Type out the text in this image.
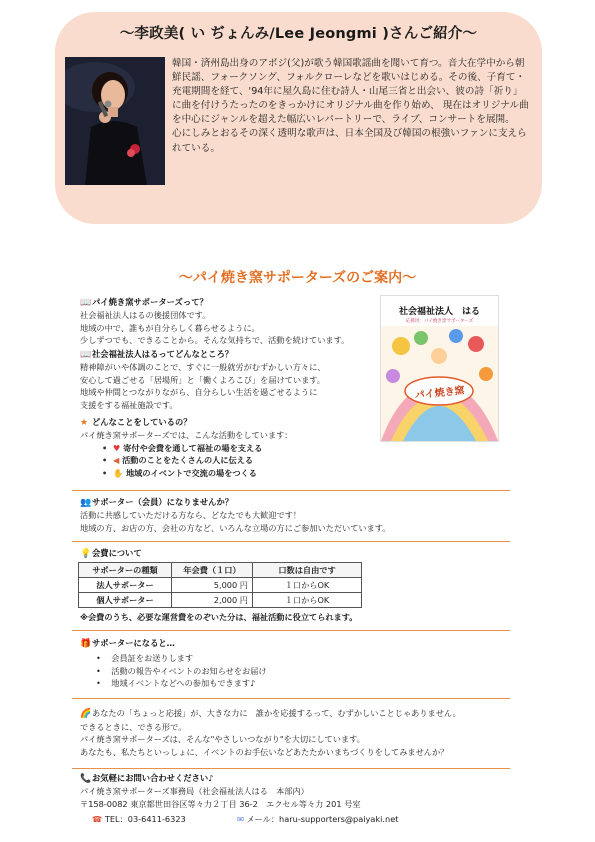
～李政美( い ぢょんみ/Lee Jeongmi )さんご紹介～

韓国・済州島出身のアボジ(父)が歌う韓国歌謡曲を聞いて育つ。音大在学中から朝鮮民謡、フォークソング、フォルクローレなどを歌いはじめる。その後、子育て・充電期間を経て、'94年に屋久島に住む詩人・山尾三省と出会い、彼の詩「祈り」に曲を付けうたったのをきっかけにオリジナル曲を作り始め、 現在はオリジナル曲を中心にジャンルを超えた幅広いレパートリーで、ライブ、コンサートを展開。

心にしみとおるその深く透明な歌声は、日本全国及び韓国の根強いファンに支えられている。

～パイ焼き窯サポーターズのご案内～
📖パイ焼き窯サポーターズって？
社会福祉法人はるの後援団体です。
地域の中で、誰もが自分らしく暮らせるように。
少しずつでも、できることから。そんな気持ちで、活動を続けています。
📖社会福祉法人はるってどんなところ？
精神障がいや体調のことで、すぐに一般就労がむずかしい方々に、
安心して過ごせる「居場所」と「働くよろこび」を届けています。
地域や仲間とつながりながら、自分らしい生活を過ごせるように
支援をする福祉施設です。
★ どんなことをしているの？
パイ焼き窯サポーターズでは、こんな活動をしています：
•  ♥ 寄付や会費を通して福祉の場を支える
•  ◀ 活動のことをたくさんの人に伝える
•  ✋ 地域のイベントで交流の場をつくる
社会福祉法人　はる
応援団：パイ焼き窯サポーターズ
パイ焼き窯
👥サポーター（会員）になりませんか？
活動に共感していただける方なら、どなたでも大歓迎です！
地域の方、お店の方、会社の方など、いろんな立場の方にご参加いただいています。
💡会費について
サポーターの種類	年会費（１口）	口数は自由です
法人サポーター	5,000 円	１口からOK
個人サポーター	2,000 円	１口からOK
※会費のうち、必要な運営費をのぞいた分は、福祉活動に役立てられます。
🎁サポーターになると…
•    会員証をお送りします
•    活動の報告やイベントのお知らせをお届け
•    地域イベントなどへの参加もできます♪
🌈あなたの「ちょっと応援」が、大きな力に　誰かを応援するって、むずかしいことじゃありません。
できるときに、できる形で。
パイ焼き窯サポーターズは、そんな"やさしいつながり"を大切にしています。
あなたも、私たちといっしょに、イベントのお手伝いなどあたたかいまちづくりをしてみませんか？
📞お気軽にお問い合わせください♪
パイ焼き窯サポーターズ事務局（社会福祉法人はる　本部内）
〒158-0082 東京都世田谷区等々力２丁目 36-2　エクセル等々力 201 号室
☎ TEL：03-6411-6323	✉ メール：haru-supporters@paiyaki.net
